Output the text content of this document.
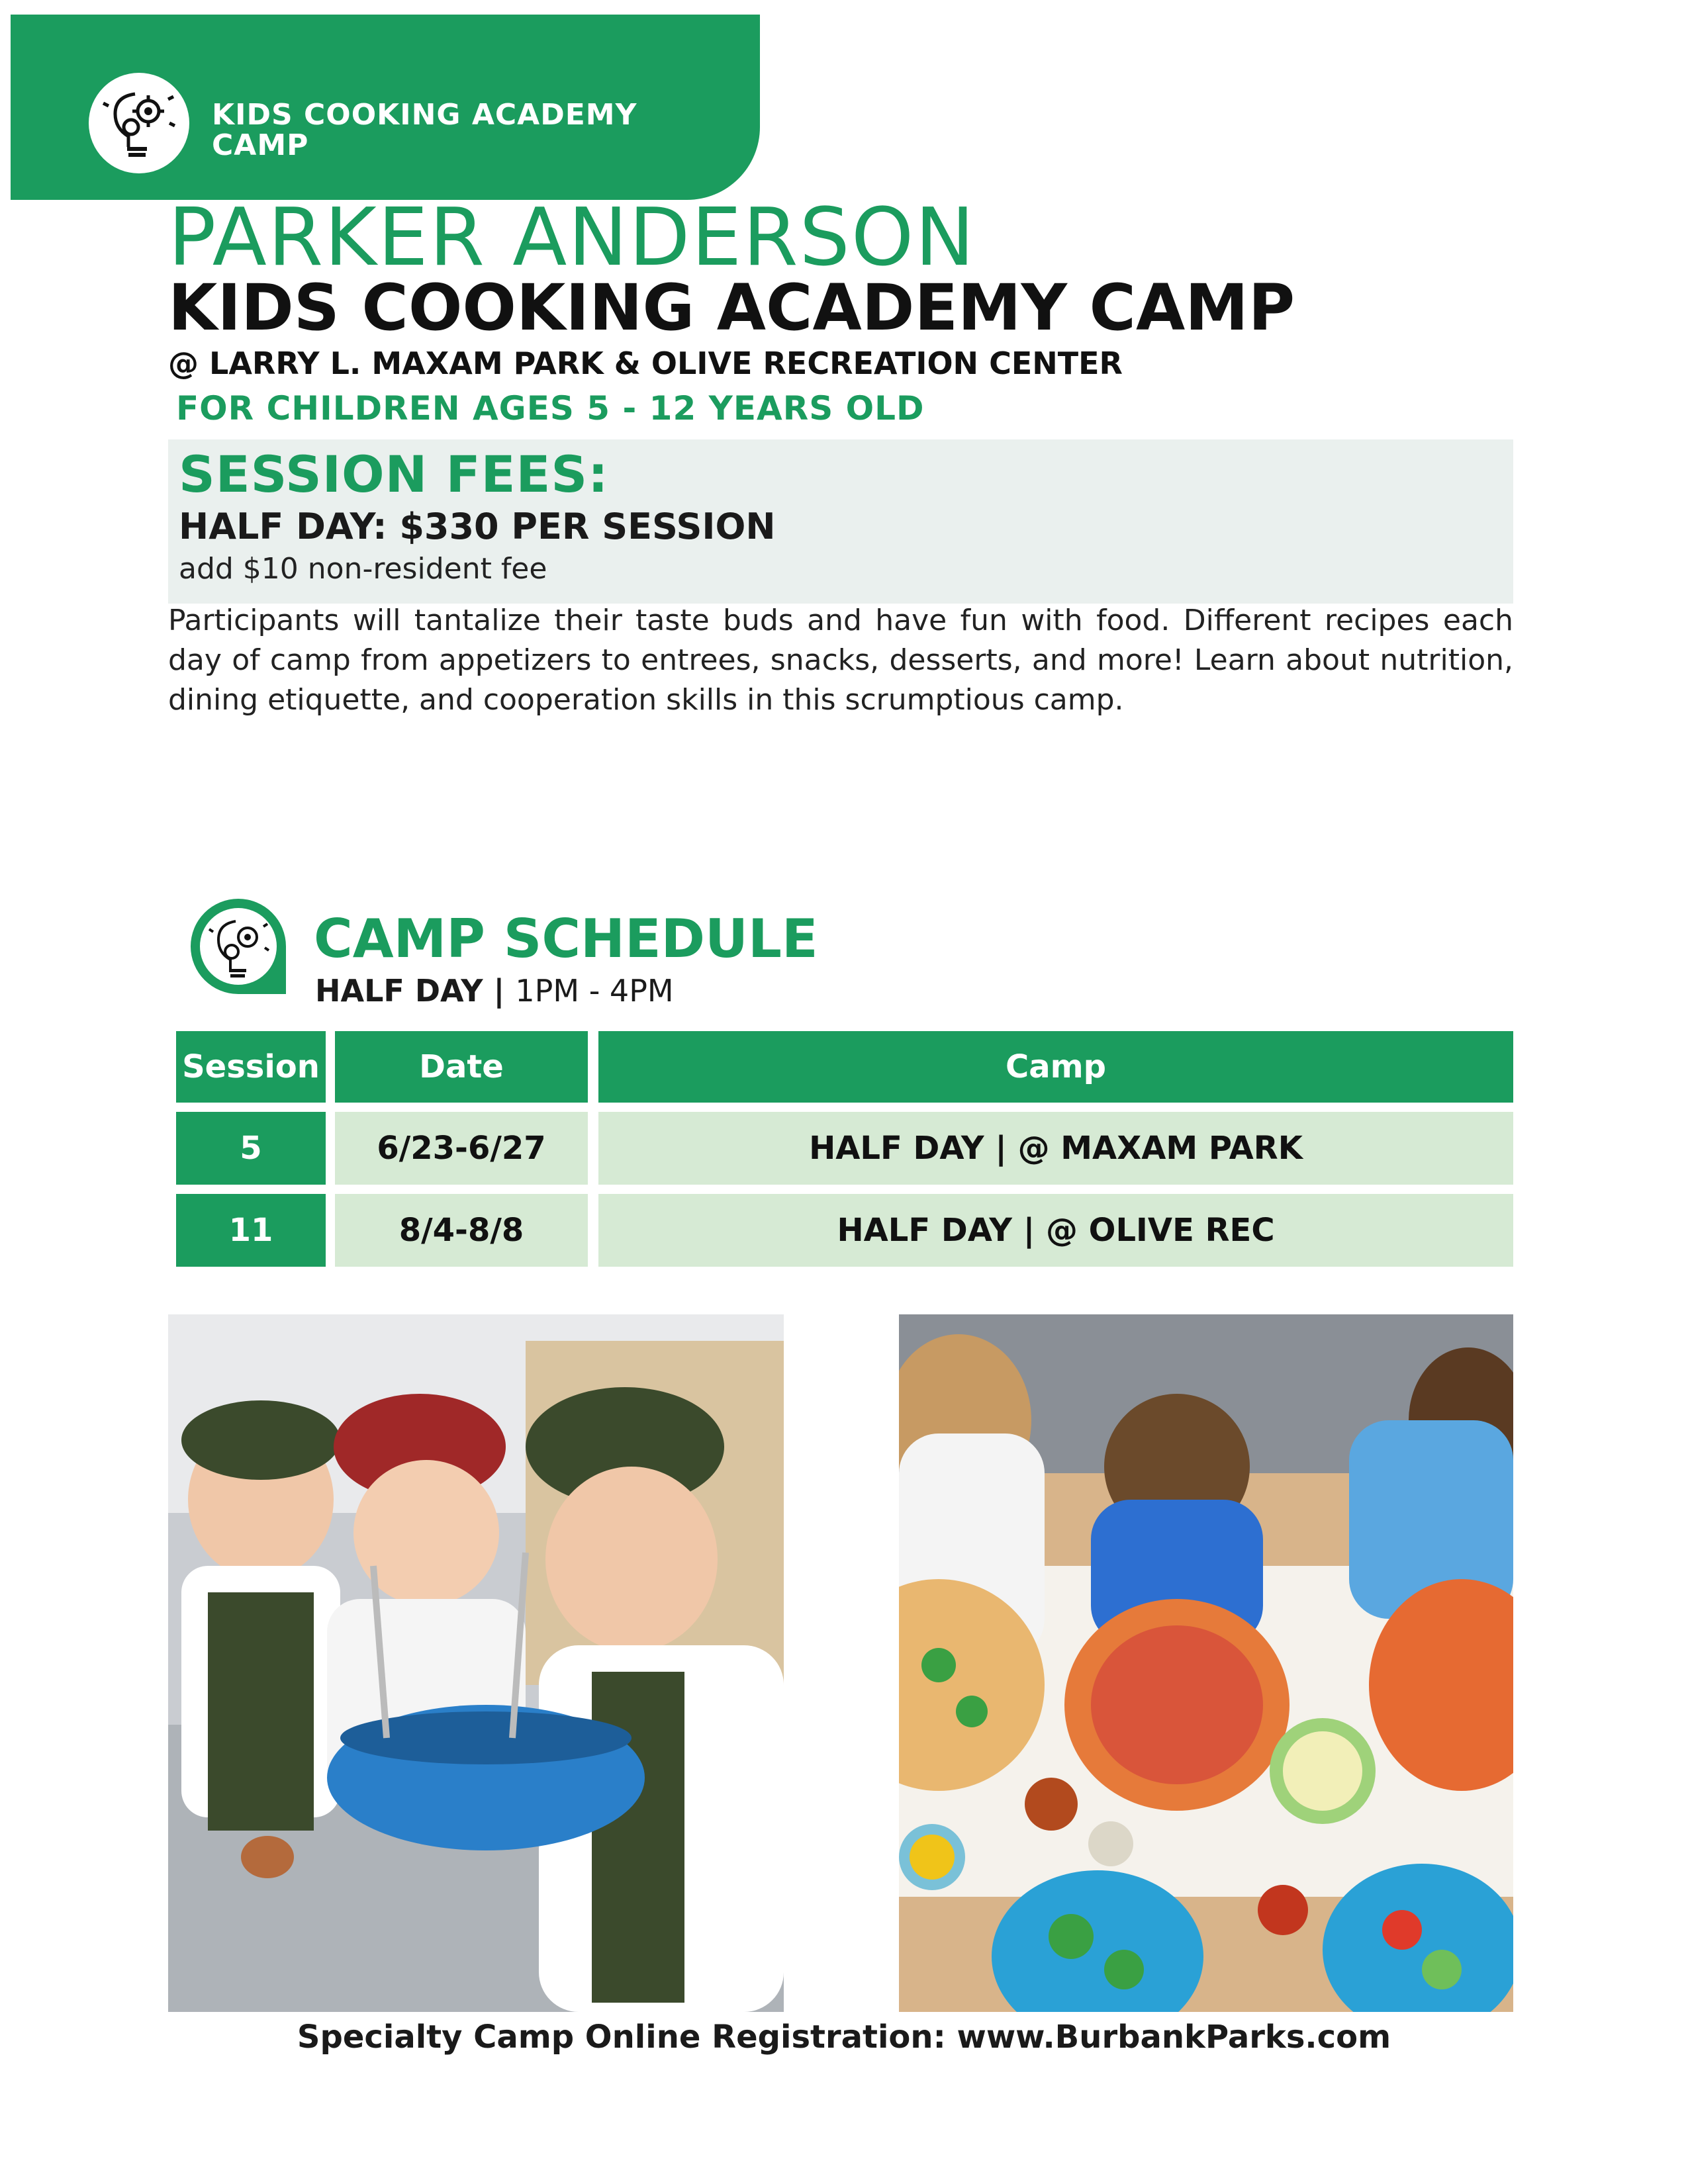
KIDS COOKING ACADEMY
CAMP
PARKER ANDERSON
KIDS COOKING ACADEMY CAMP
@ LARRY L. MAXAM PARK & OLIVE RECREATION CENTER
FOR CHILDREN AGES 5 - 12 YEARS OLD
SESSION FEES:
HALF DAY: $330 PER SESSION
add $10 non-resident fee
Participants will tantalize their taste buds and have fun with food. Different recipes each day of camp from appetizers to entrees, snacks, desserts, and more! Learn about nutrition, dining etiquette, and cooperation skills in this scrumptious camp.
CAMP SCHEDULE
HALF DAY | 1PM - 4PM
Session	Date	Camp
5	6/23-6/27	HALF DAY | @ MAXAM PARK
11	8/4-8/8	HALF DAY | @ OLIVE REC
Specialty Camp Online Registration: www.BurbankParks.com
